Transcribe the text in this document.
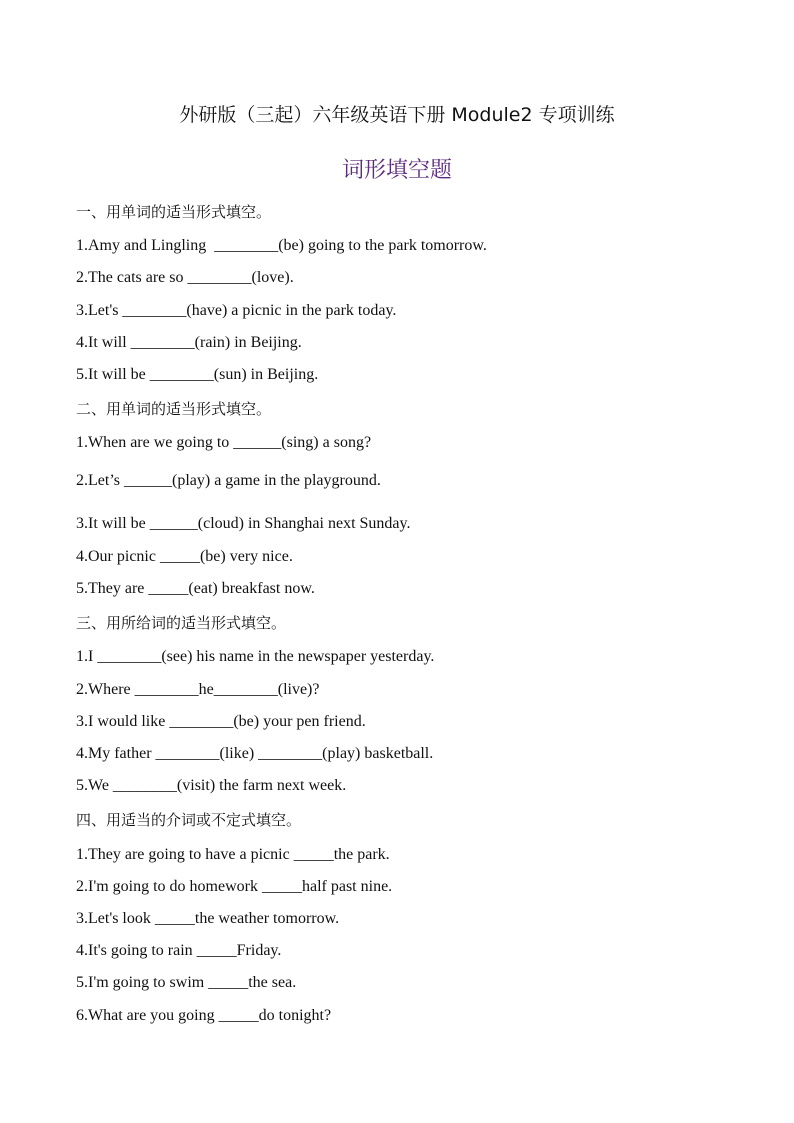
外研版（三起）六年级英语下册 Module2 专项训练
词形填空题
一、用单词的适当形式填空。
1.Amy and Lingling  ________(be) going to the park tomorrow.
2.The cats are so ________(love).
3.Let's ________(have) a picnic in the park today.
4.It will ________(rain) in Beijing.
5.It will be ________(sun) in Beijing.
二、用单词的适当形式填空。
1.When are we going to ______(sing) a song?
2.Let’s ______(play) a game in the playground.
3.It will be ______(cloud) in Shanghai next Sunday.
4.Our picnic _____(be) very nice.
5.They are _____(eat) breakfast now.
三、用所给词的适当形式填空。
1.I ________(see) his name in the newspaper yesterday.
2.Where ________he________(live)?
3.I would like ________(be) your pen friend.
4.My father ________(like) ________(play) basketball.
5.We ________(visit) the farm next week.
四、用适当的介词或不定式填空。
1.They are going to have a picnic _____the park.
2.I'm going to do homework _____half past nine.
3.Let's look _____the weather tomorrow.
4.It's going to rain _____Friday.
5.I'm going to swim _____the sea.
6.What are you going _____do tonight?
